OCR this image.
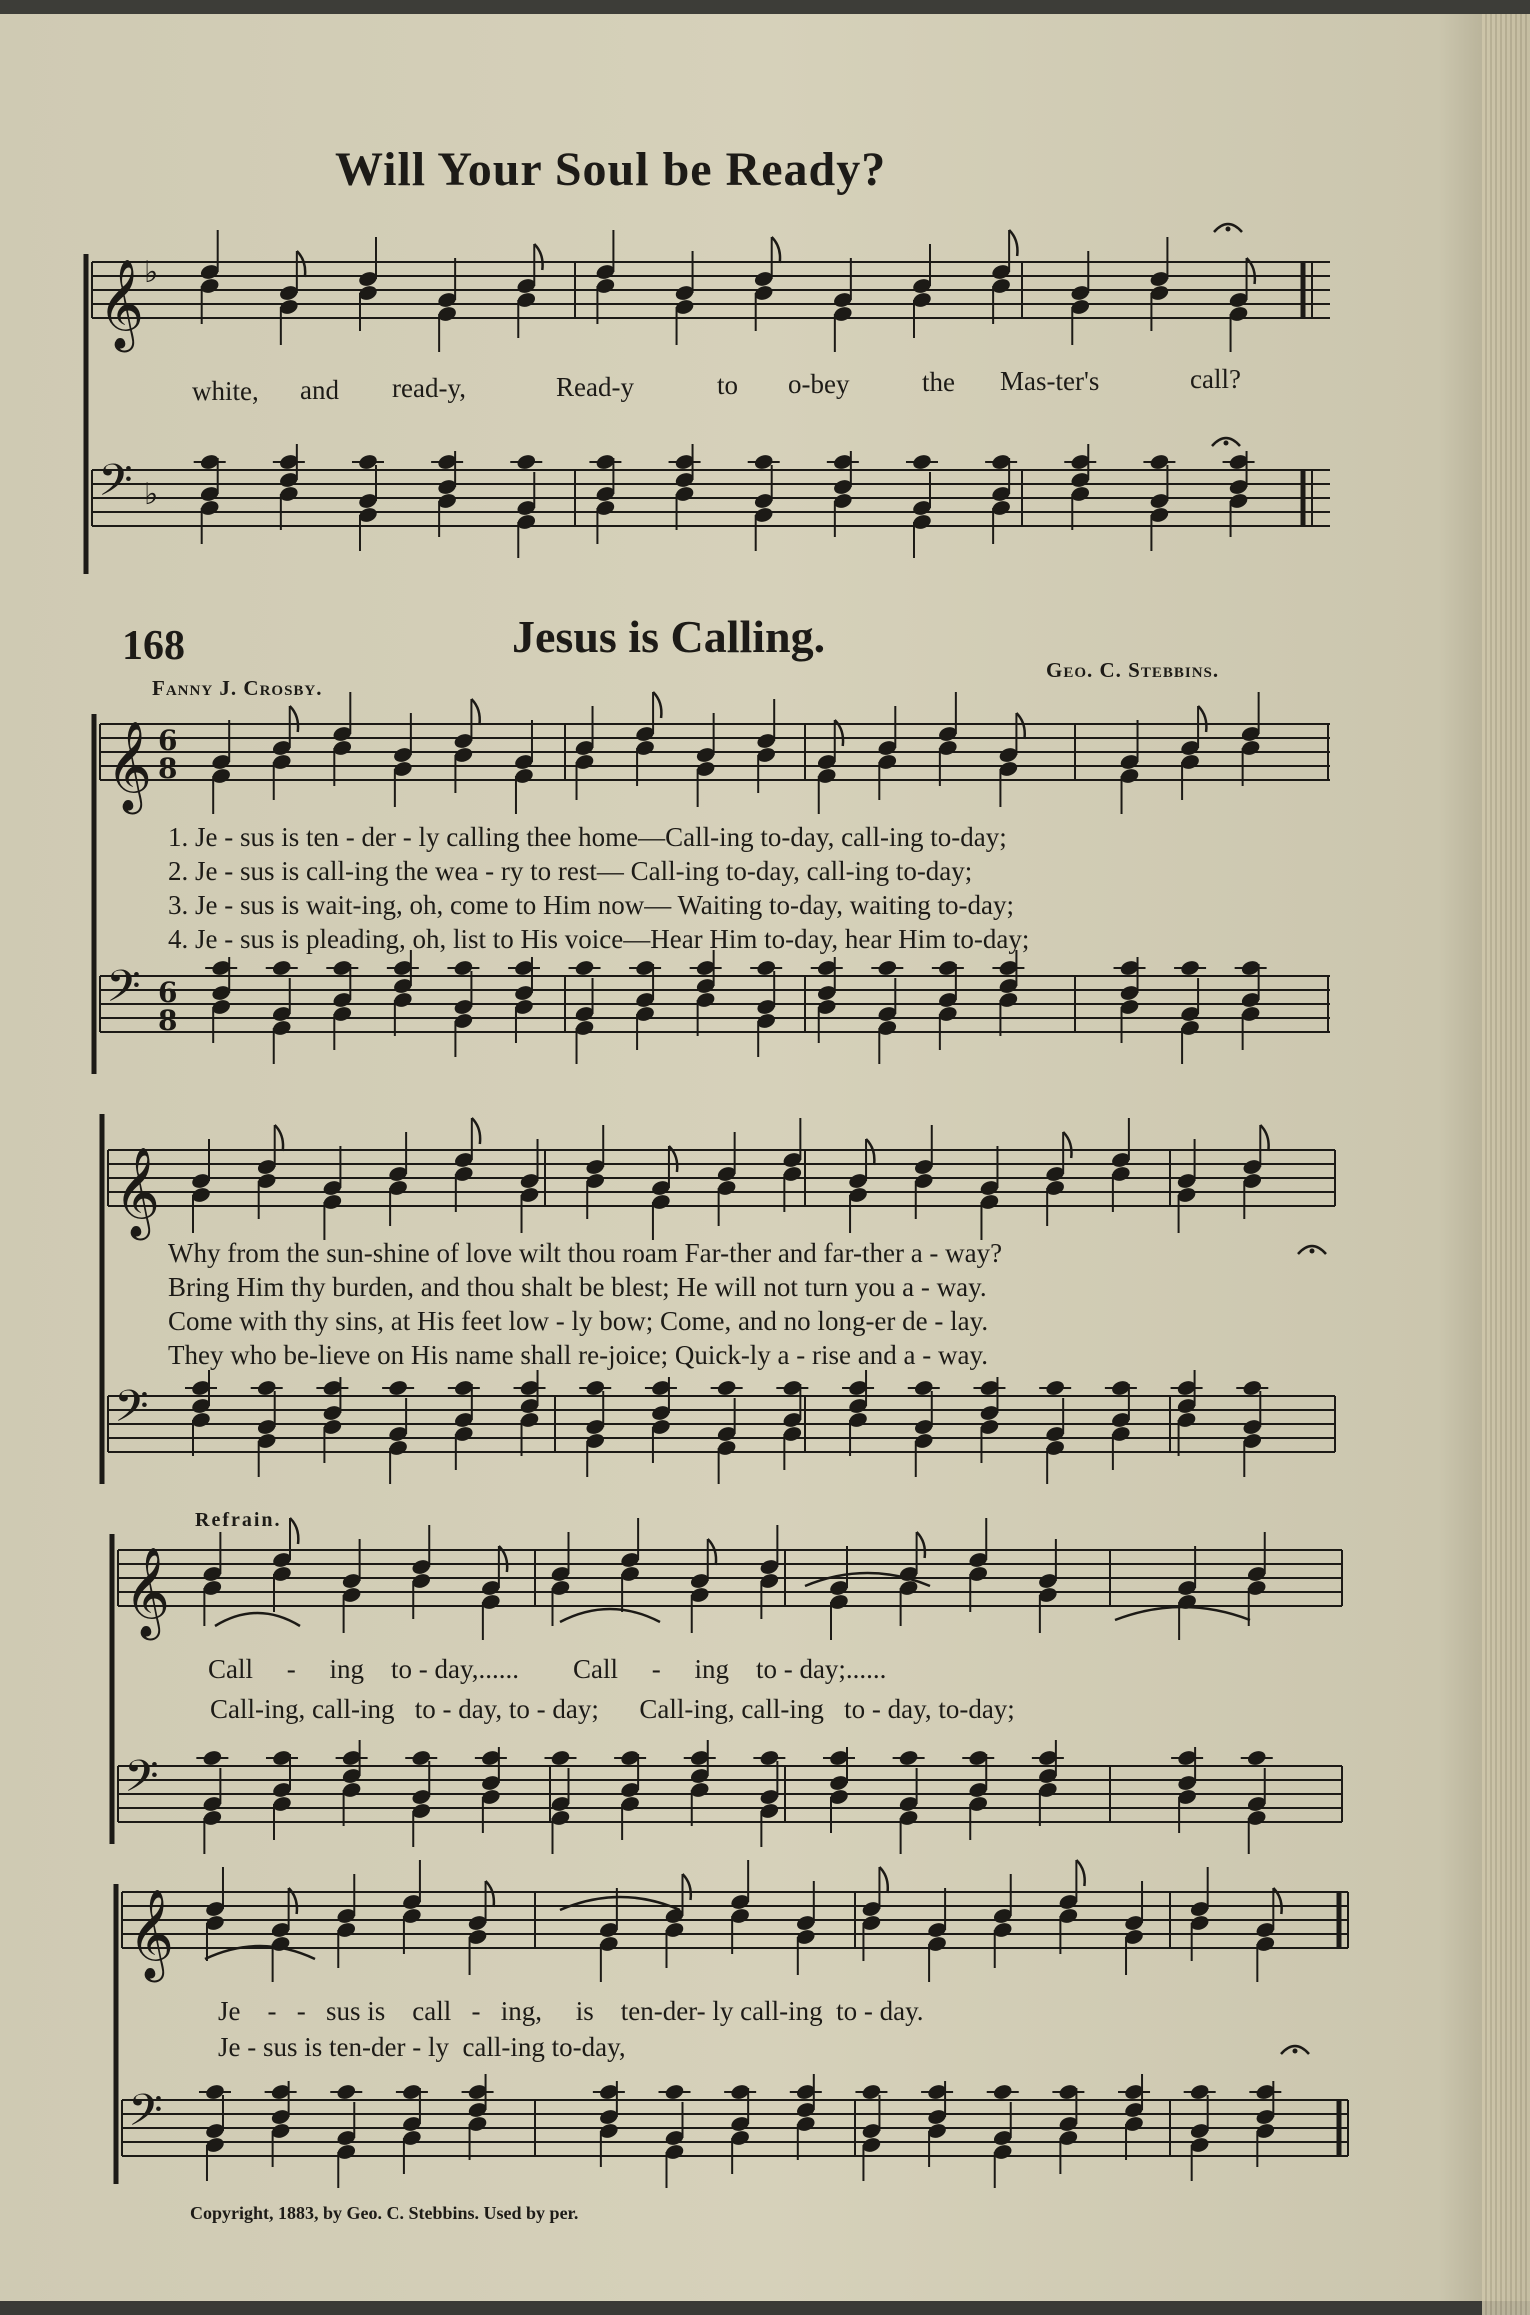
𝄞 ♭
𝄢 ♭
𝄞 6
8
𝄢 6
8
𝄞
𝄢
𝄞
𝄢
𝄞
𝄢
Will Your Soul be Ready?
white, and read-y,	Read-y	to o-bey	the Mas-ter's	call?
168	Jesus is Calling.
Fanny J. Crosby.
Geo. C. Stebbins.
1. Je - sus is ten - der - ly calling thee home—Call-ing to-day, call-ing to-day;
2. Je - sus is call-ing the wea - ry to rest— Call-ing to-day, call-ing to-day;
3. Je - sus is wait-ing, oh, come to Him now— Waiting to-day, waiting to-day;
4. Je - sus is pleading, oh, list to His voice—Hear Him to-day, hear Him to-day;
Why from the sun-shine of love wilt thou roam Far-ther and far-ther a - way?
Bring Him thy burden, and thou shalt be blest; He will not turn you a - way.
Come with thy sins, at His feet low - ly bow; Come, and no long-er de - lay.
They who be-lieve on His name shall re-joice; Quick-ly a - rise and a - way.
Refrain.
Call     -     ing    to - day,......        Call     -     ing    to - day;......
Call-ing, call-ing   to - day, to - day;      Call-ing, call-ing   to - day, to-day;
Je    -   -   sus is    call   -   ing,     is    ten-der- ly call-ing  to - day.
Je - sus is ten-der - ly  call-ing to-day,
Copyright, 1883, by Geo. C. Stebbins. Used by per.
